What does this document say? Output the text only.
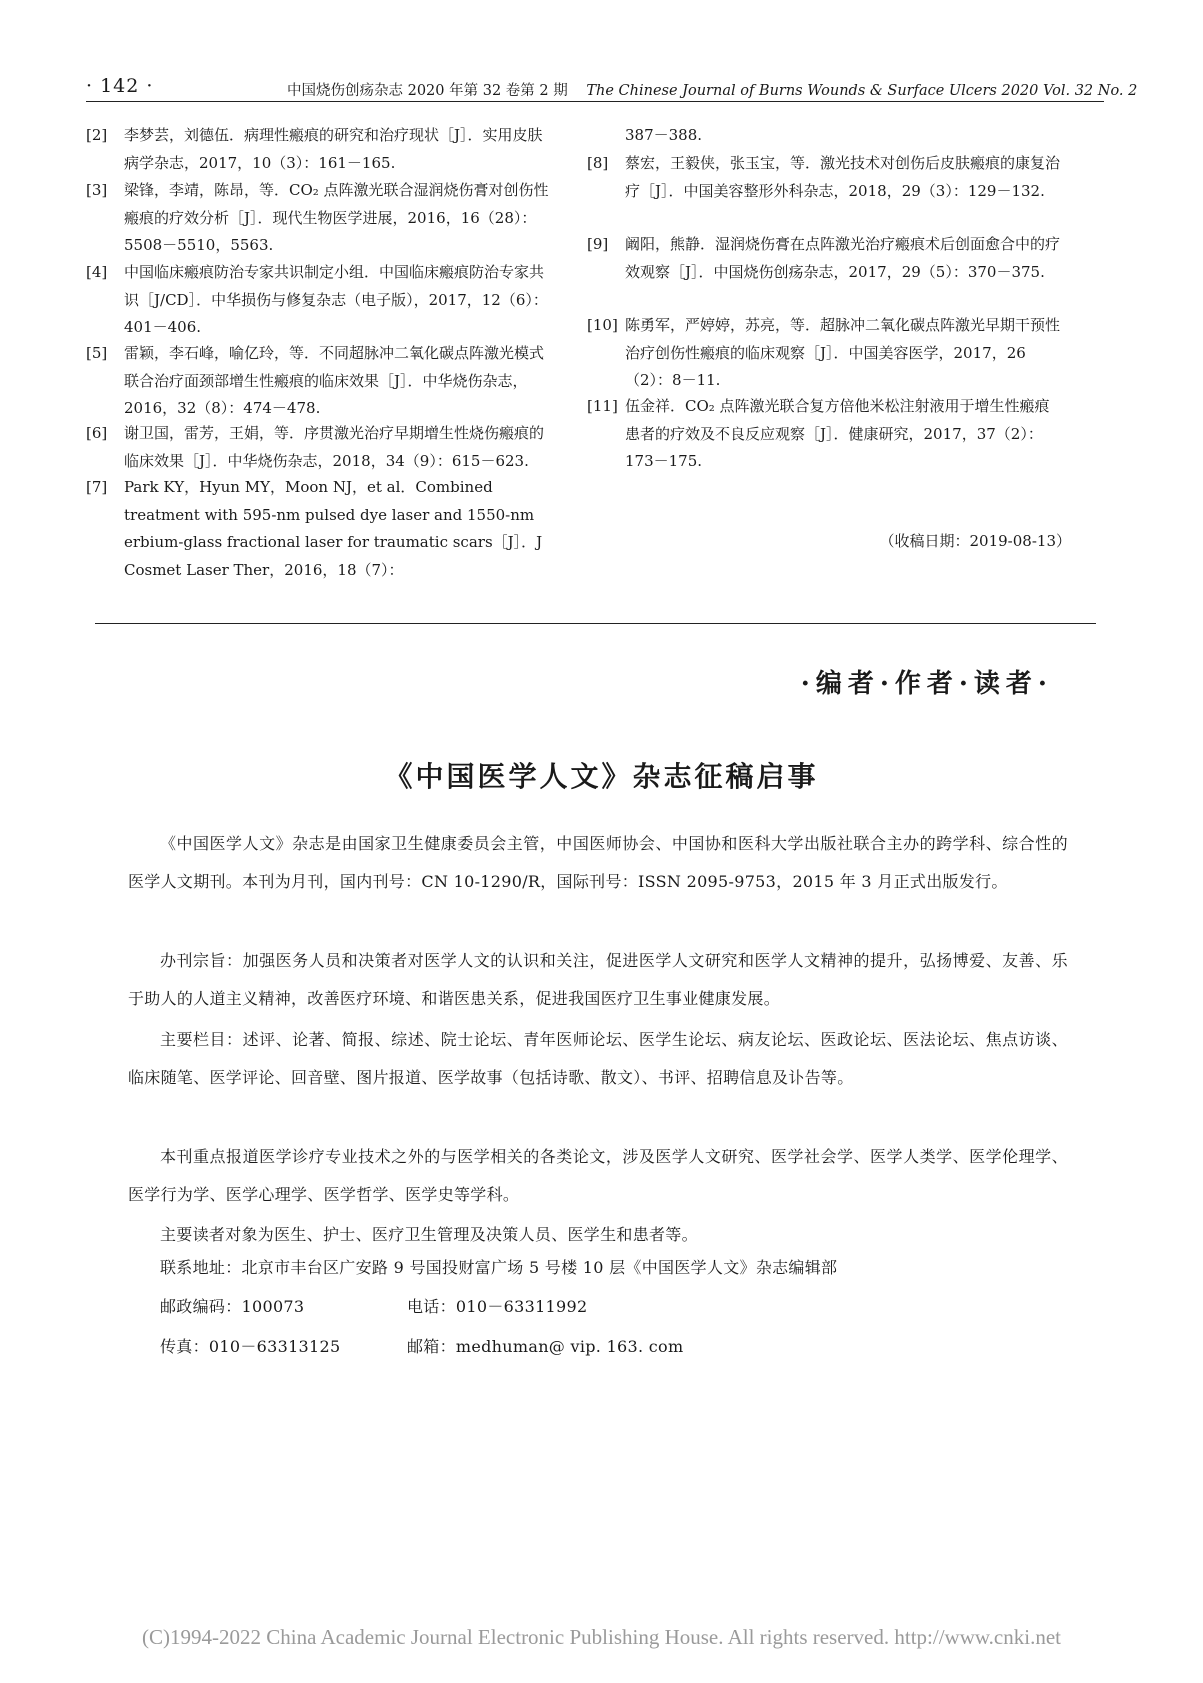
· 142 ·	中国烧伤创疡杂志 2020 年第 32 卷第 2 期 The Chinese Journal of Burns Wounds & Surface Ulcers 2020 Vol. 32 No. 2
[2] 李梦芸，刘德伍．病理性瘢痕的研究和治疗现状［J］．实用皮肤病学杂志，2017，10（3）：161－165.
[3] 梁锋，李靖，陈昂，等．CO₂ 点阵激光联合湿润烧伤膏对创伤性瘢痕的疗效分析［J］．现代生物医学进展，2016，16（28）：5508－5510，5563.
[4] 中国临床瘢痕防治专家共识制定小组．中国临床瘢痕防治专家共识［J/CD］．中华损伤与修复杂志（电子版），2017，12（6）：401－406.
[5] 雷颖，李石峰，喻亿玲，等．不同超脉冲二氧化碳点阵激光模式联合治疗面颈部增生性瘢痕的临床效果［J］．中华烧伤杂志，2016，32（8）：474－478.
[6] 谢卫国，雷芳，王娟，等．序贯激光治疗早期增生性烧伤瘢痕的临床效果［J］．中华烧伤杂志，2018，34（9）：615－623.
[7] Park KY，Hyun MY，Moon NJ，et al．Combined treatment with 595-nm pulsed dye laser and 1550-nm erbium-glass fractional laser for traumatic scars［J］．J Cosmet Laser Ther，2016，18（7）：
387－388.
[8] 蔡宏，王毅侠，张玉宝，等．激光技术对创伤后皮肤瘢痕的康复治疗［J］．中国美容整形外科杂志，2018，29（3）：129－132.
[9] 阚阳，熊静．湿润烧伤膏在点阵激光治疗瘢痕术后创面愈合中的疗效观察［J］．中国烧伤创疡杂志，2017，29（5）：370－375.
[10] 陈勇军，严婷婷，苏亮，等．超脉冲二氧化碳点阵激光早期干预性治疗创伤性瘢痕的临床观察［J］．中国美容医学，2017，26（2）：8－11.
[11] 伍金祥．CO₂ 点阵激光联合复方倍他米松注射液用于增生性瘢痕患者的疗效及不良反应观察［J］．健康研究，2017，37（2）：173－175.
（收稿日期：2019-08-13）
·编者·作者·读者·
《中国医学人文》杂志征稿启事
《中国医学人文》杂志是由国家卫生健康委员会主管，中国医师协会、中国协和医科大学出版社联合主办的跨学科、综合性的医学人文期刊。本刊为月刊，国内刊号：CN 10-1290/R，国际刊号：ISSN 2095-9753，2015 年 3 月正式出版发行。
办刊宗旨：加强医务人员和决策者对医学人文的认识和关注，促进医学人文研究和医学人文精神的提升，弘扬博爱、友善、乐于助人的人道主义精神，改善医疗环境、和谐医患关系，促进我国医疗卫生事业健康发展。
主要栏目：述评、论著、简报、综述、院士论坛、青年医师论坛、医学生论坛、病友论坛、医政论坛、医法论坛、焦点访谈、临床随笔、医学评论、回音壁、图片报道、医学故事（包括诗歌、散文）、书评、招聘信息及讣告等。
本刊重点报道医学诊疗专业技术之外的与医学相关的各类论文，涉及医学人文研究、医学社会学、医学人类学、医学伦理学、医学行为学、医学心理学、医学哲学、医学史等学科。
主要读者对象为医生、护士、医疗卫生管理及决策人员、医学生和患者等。
联系地址：北京市丰台区广安路 9 号国投财富广场 5 号楼 10 层《中国医学人文》杂志编辑部
邮政编码：100073	电话：010－63311992
传真：010－63313125	邮箱：medhuman@ vip. 163. com
(C)1994-2022 China Academic Journal Electronic Publishing House. All rights reserved. http://www.cnki.net
